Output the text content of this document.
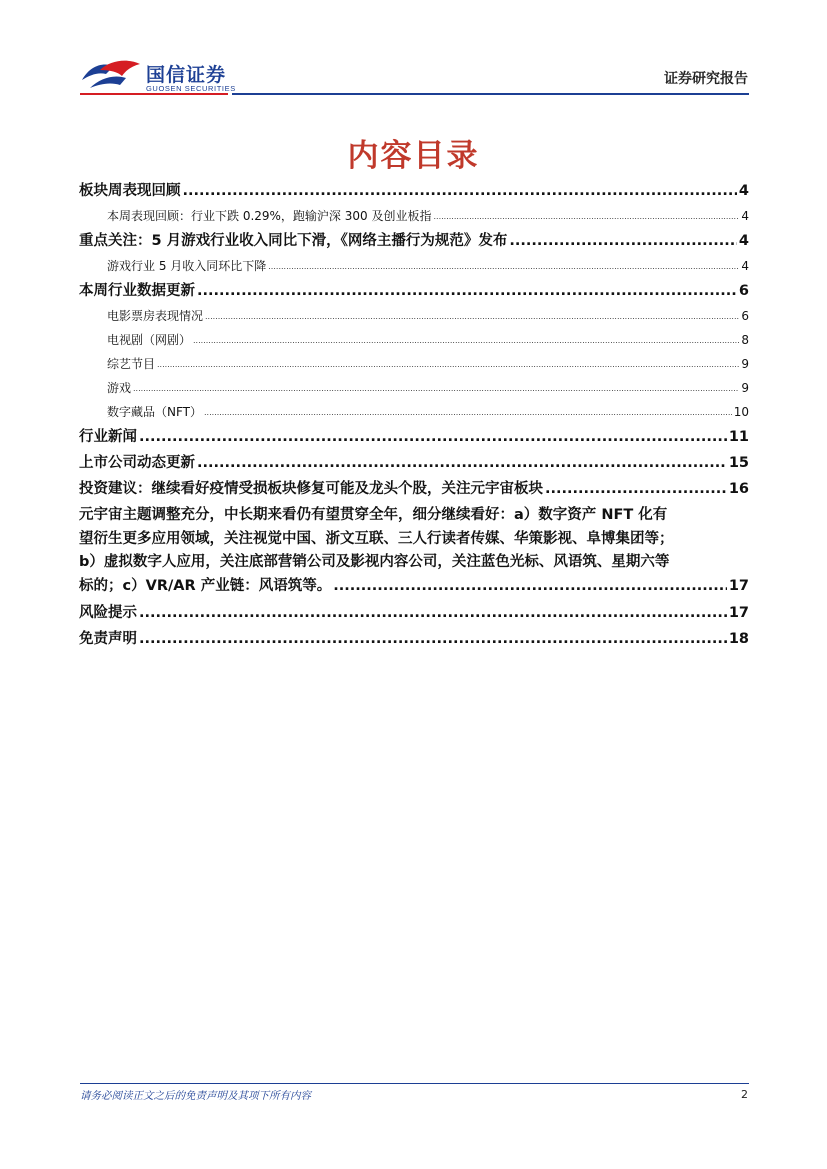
国信证券
GUOSEN SECURITIES
证券研究报告
内容目录
板块周表现回顾 .....	4
本周表现回顾：行业下跌 0.29%，跑输沪深 300 及创业板指 .....	4
重点关注：5 月游戏行业收入同比下滑，《网络主播行为规范》发布 .....	4
游戏行业 5 月收入同环比下降 .....	4
本周行业数据更新 .....	6
电影票房表现情况 .....	6
电视剧（网剧） .....	8
综艺节目 .....	9
游戏 .....	9
数字藏品（NFT） .....	10
行业新闻 .....	11
上市公司动态更新 .....	15
投资建议：继续看好疫情受损板块修复可能及龙头个股，关注元宇宙板块 .....	16
元宇宙主题调整充分，中长期来看仍有望贯穿全年，细分继续看好：a）数字资产 NFT 化有
望衍生更多应用领域，关注视觉中国、浙文互联、三人行读者传媒、华策影视、阜博集团等；
b）虚拟数字人应用，关注底部营销公司及影视内容公司，关注蓝色光标、风语筑、星期六等
标的；c）VR/AR 产业链：风语筑等。 .....	17
风险提示 .....	17
免责声明 .....	18
请务必阅读正文之后的免责声明及其项下所有内容	2
